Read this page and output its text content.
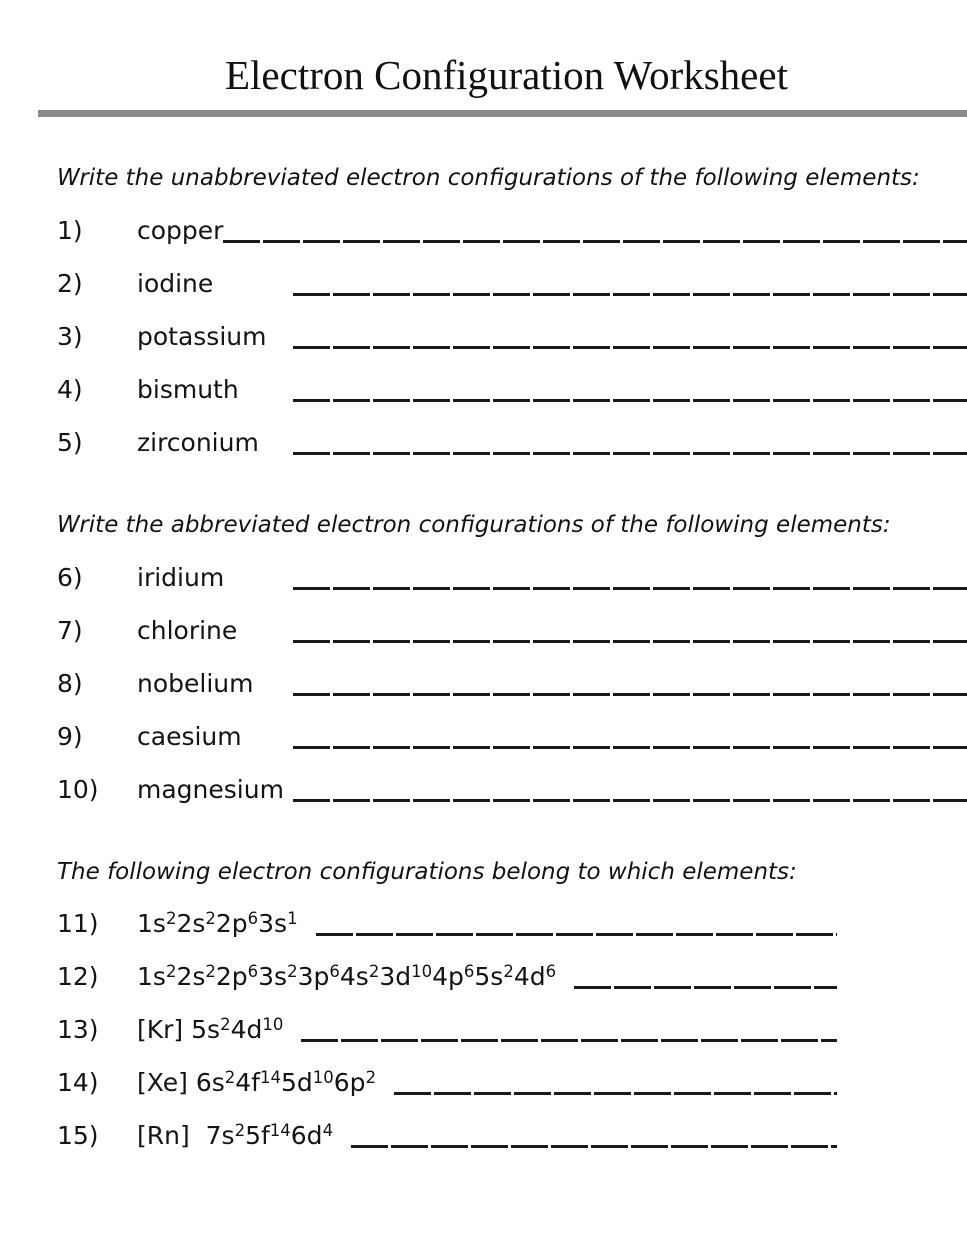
Electron Configuration Worksheet
Write the unabbreviated electron configurations of the following elements:
1)	copper
2)	iodine
3)	potassium
4)	bismuth
5)	zirconium
Write the abbreviated electron configurations of the following elements:
6)	iridium
7)	chlorine
8)	nobelium
9)	caesium
10)	magnesium
The following electron configurations belong to which elements:
11)	$1s^22s^22p^63s^1$
12)	$1s^22s^22p^63s^23p^64s^23d^{10}4p^65s^24d^6$
13)	[Kr] $5s^24d^{10}$
14)	[Xe] $6s^24f^{14}5d^{10}6p^2$
15)	[Rn]  $7s^25f^{14}6d^4$
